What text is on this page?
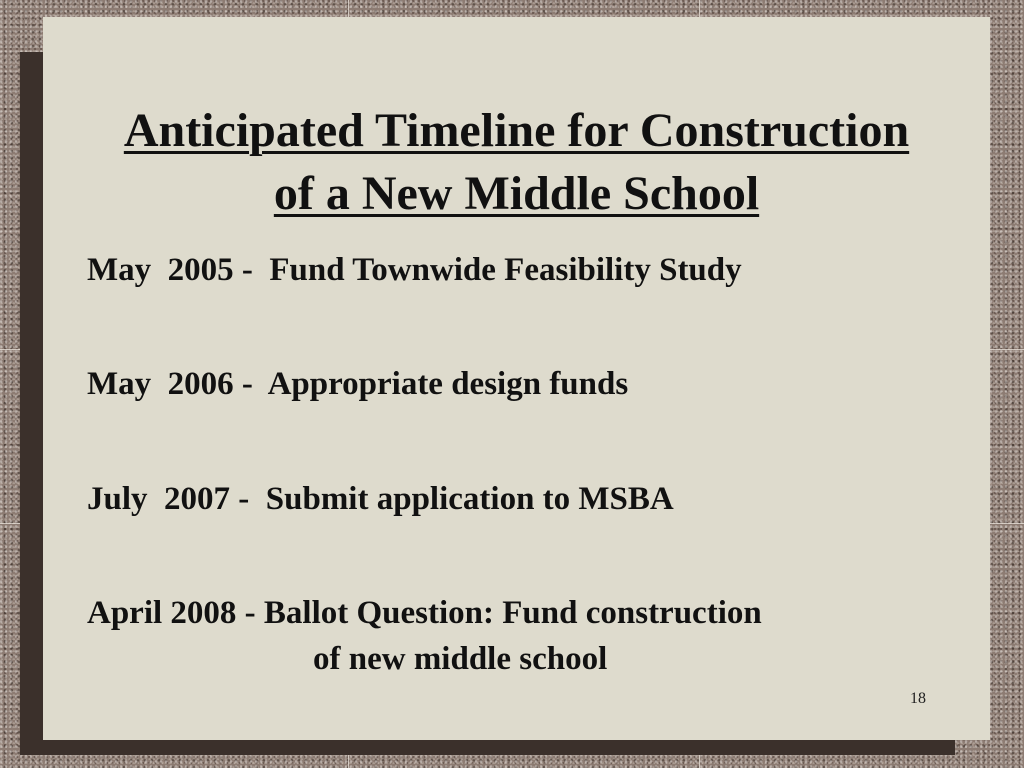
Anticipated Timeline for Construction
of a New Middle School

May  2005 -  Fund Townwide Feasibility Study

May  2006 -  Appropriate design funds

July  2007 -  Submit application to MSBA

April 2008 - Ballot Question: Fund construction
of new middle school

18
